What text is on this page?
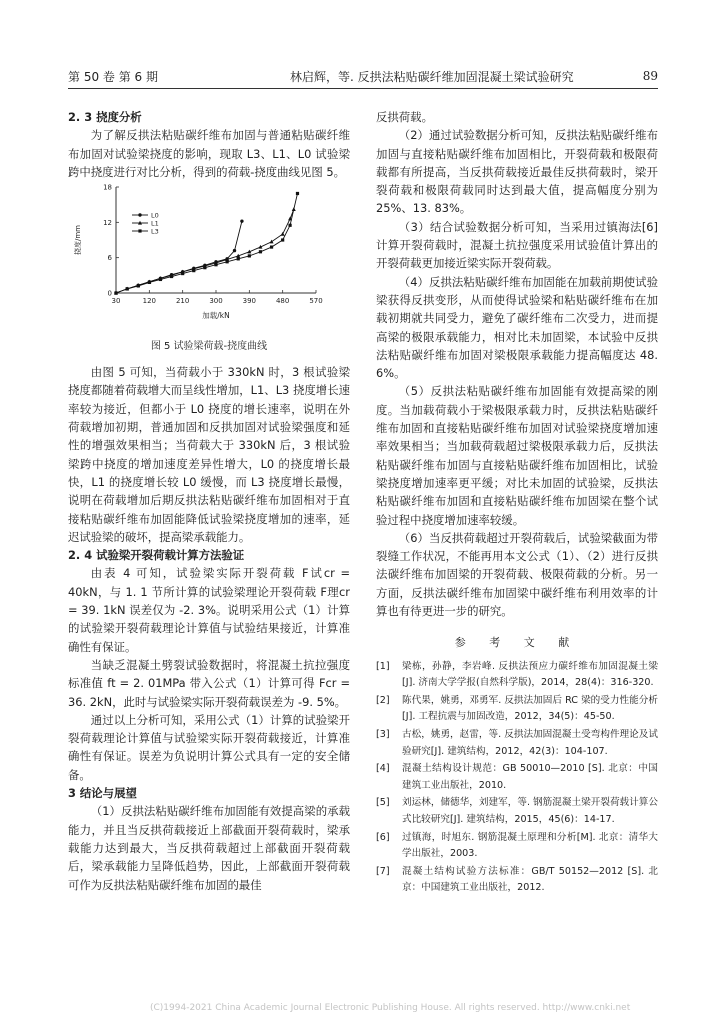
第 50 卷 第 6 期	林启辉，等. 反拱法粘贴碳纤维加固混凝土梁试验研究	89
2. 3 挠度分析

为了解反拱法粘贴碳纤维布加固与普通粘贴碳纤维布加固对试验梁挠度的影响，现取 L3、L1、L0 试验梁跨中挠度进行对比分析，得到的荷载-挠度曲线见图 5。

挠度/mm
加载/kN
30	120	210	300	390	480	570
0
6
12
18
L0
L1
L3
图 5 试验梁荷载-挠度曲线

由图 5 可知，当荷载小于 330kN 时，3 根试验梁挠度都随着荷载增大而呈线性增加，L1、L3 挠度增长速率较为接近，但都小于 L0 挠度的增长速率，说明在外荷载增加初期，普通加固和反拱加固对试验梁强度和延性的增强效果相当；当荷载大于 330kN 后，3 根试验梁跨中挠度的增加速度差异性增大，L0 的挠度增长最快，L1 的挠度增长较 L0 缓慢，而 L3 挠度增长最慢，说明在荷载增加后期反拱法粘贴碳纤维布加固相对于直接粘贴碳纤维布加固能降低试验梁挠度增加的速率，延迟试验梁的破坏，提高梁承载能力。

2. 4 试验梁开裂荷载计算方法验证

由表 4 可知，试验梁实际开裂荷载 F试cr = 40kN，与 1. 1 节所计算的试验梁理论开裂荷载 F理cr = 39. 1kN 误差仅为 -2. 3%。说明采用公式（1）计算的试验梁开裂荷载理论计算值与试验结果接近，计算准确性有保证。

当缺乏混凝土劈裂试验数据时，将混凝土抗拉强度标准值 ft = 2. 01MPa 带入公式（1）计算可得 Fcr = 36. 2kN，此时与试验梁实际开裂荷载误差为 -9. 5%。

通过以上分析可知，采用公式（1）计算的试验梁开裂荷载理论计算值与试验梁实际开裂荷载接近，计算准确性有保证。误差为负说明计算公式具有一定的安全储备。

3 结论与展望

（1）反拱法粘贴碳纤维布加固能有效提高梁的承载能力，并且当反拱荷载接近上部截面开裂荷载时，梁承载能力达到最大，当反拱荷载超过上部截面开裂荷载后，梁承载能力呈降低趋势，因此，上部截面开裂荷载可作为反拱法粘贴碳纤维布加固的最佳

反拱荷载。

（2）通过试验数据分析可知，反拱法粘贴碳纤维布加固与直接粘贴碳纤维布加固相比，开裂荷载和极限荷载都有所提高，当反拱荷载接近最佳反拱荷载时，梁开裂荷载和极限荷载同时达到最大值，提高幅度分别为 25%、13. 83%。

（3）结合试验数据分析可知，当采用过镇海法[6]计算开裂荷载时，混凝土抗拉强度采用试验值计算出的开裂荷载更加接近梁实际开裂荷载。

（4）反拱法粘贴碳纤维布加固能在加载前期使试验梁获得反拱变形，从而使得试验梁和粘贴碳纤维布在加载初期就共同受力，避免了碳纤维布二次受力，进而提高梁的极限承载能力，相对比未加固梁，本试验中反拱法粘贴碳纤维布加固对梁极限承载能力提高幅度达 48. 6%。

（5）反拱法粘贴碳纤维布加固能有效提高梁的刚度。当加载荷载小于梁极限承载力时，反拱法粘贴碳纤维布加固和直接粘贴碳纤维布加固对试验梁挠度增加速率效果相当；当加载荷载超过梁极限承载力后，反拱法粘贴碳纤维布加固与直接粘贴碳纤维布加固相比，试验梁挠度增加速率更平缓；对比未加固的试验梁，反拱法粘贴碳纤维布加固和直接粘贴碳纤维布加固梁在整个试验过程中挠度增加速率较缓。

（6）当反拱荷载超过开裂荷载后，试验梁截面为带裂缝工作状况，不能再用本文公式（1）、（2）进行反拱法碳纤维布加固梁的开裂荷载、极限荷载的分析。另一方面，反拱法碳纤维布加固梁中碳纤维布利用效率的计算也有待更进一步的研究。

参 考 文 献
[1]	梁栋，孙静，李岩峰. 反拱法预应力碳纤维布加固混凝土梁[J]. 济南大学学报(自然科学版)，2014，28(4)：316-320.
[2]	陈代果，姚勇，邓勇军. 反拱法加固后 RC 梁的受力性能分析[J]. 工程抗震与加固改造，2012，34(5)：45-50.
[3]	古松，姚勇，赵雷，等. 反拱法加固混凝土受弯构件理论及试验研究[J]. 建筑结构，2012，42(3)：104-107.
[4]	混凝土结构设计规范：GB 50010—2010 [S]. 北京：中国建筑工业出版社，2010.
[5]	刘运林，储德华，刘建军，等. 钢筋混凝土梁开裂荷载计算公式比较研究[J]. 建筑结构，2015，45(6)：14-17.
[6]	过镇海，时旭东. 钢筋混凝土原理和分析[M]. 北京：清华大学出版社，2003.
[7]	混凝土结构试验方法标准：GB/T 50152—2012 [S]. 北京：中国建筑工业出版社，2012.
(C)1994-2021 China Academic Journal Electronic Publishing House. All rights reserved. http://www.cnki.net
